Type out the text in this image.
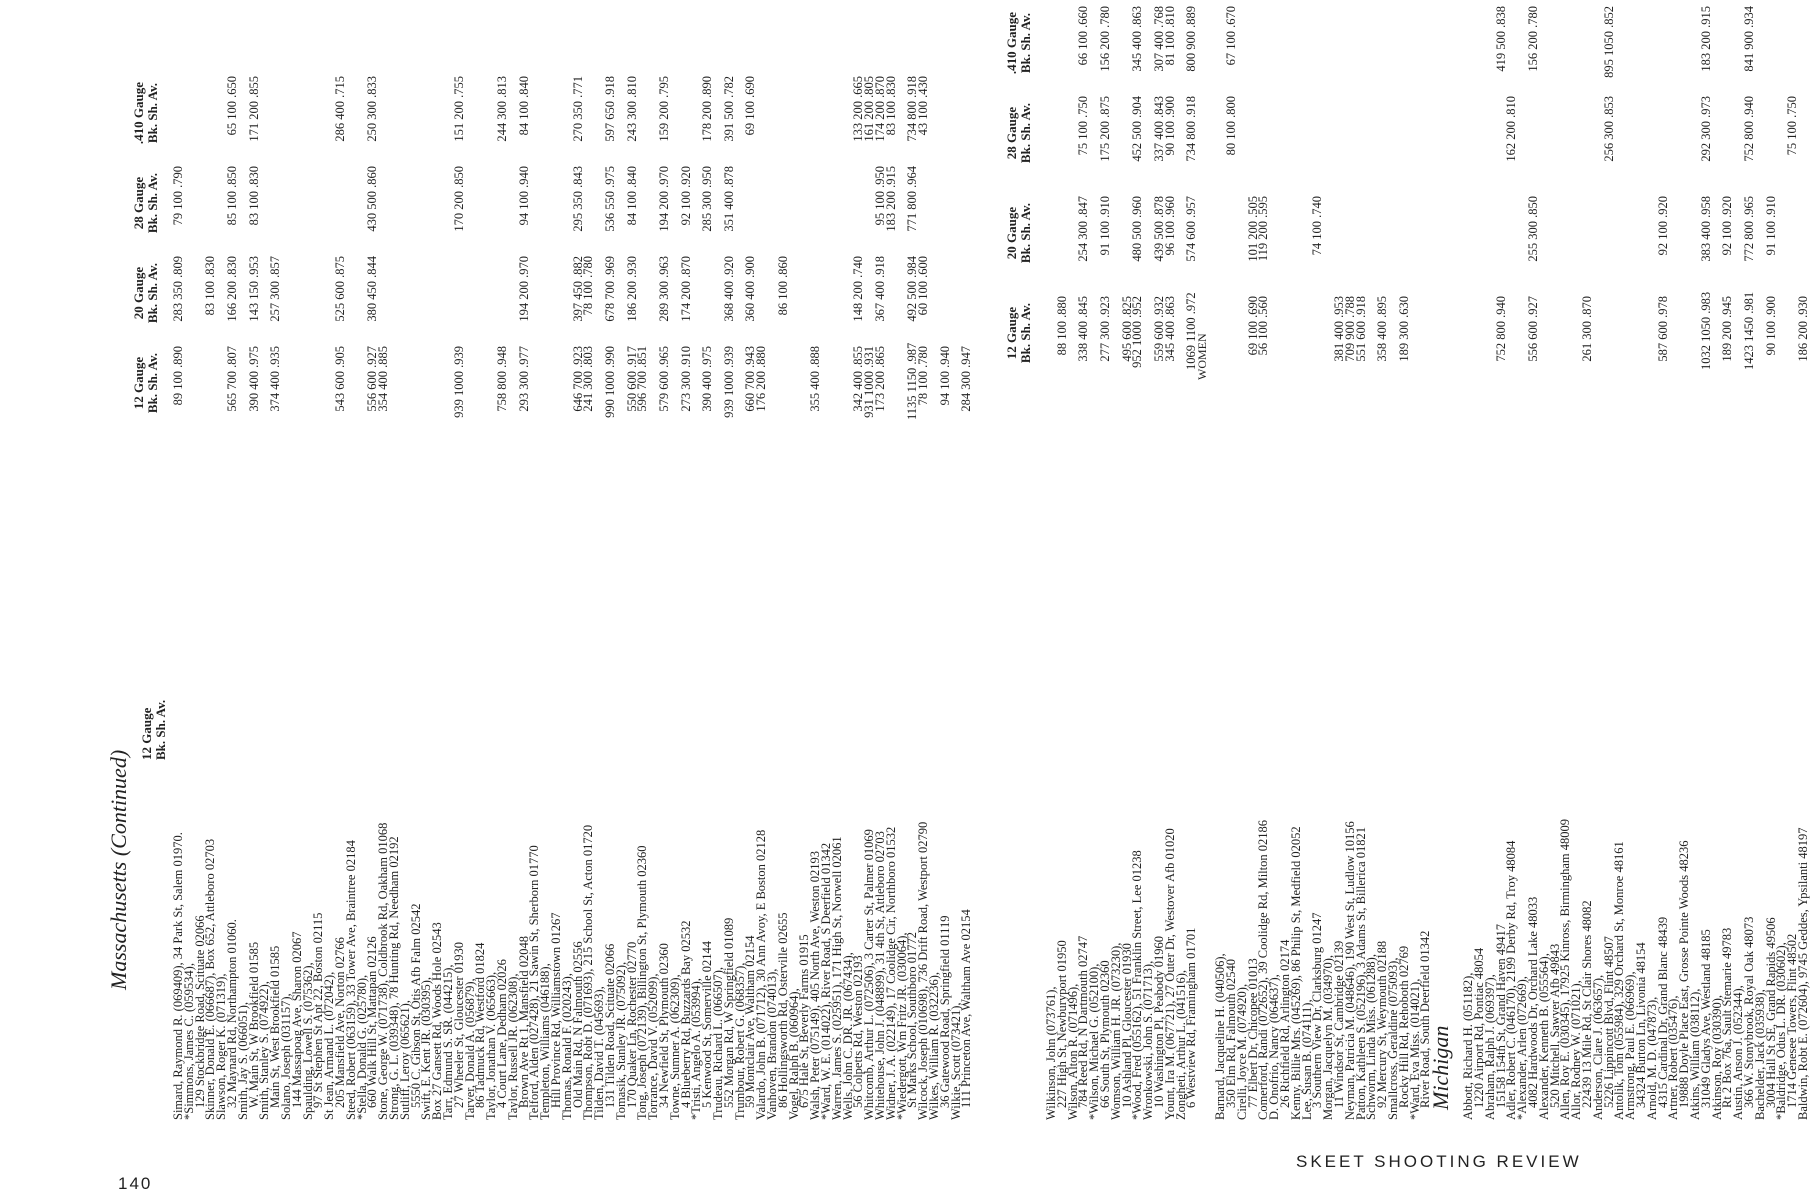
140
SKEET SHOOTING REVIEW
Massachusetts (Continued)
12 Gauge Bk. Sh. Av.
Simard, Raymond R. (069409), 34 Park St, Salem 01970.
89 100 .890
283 350 .809
79 100 .790
*Simmons, James C. (059534),
129 Stockbridge Road, Scituate 02066
Skinner, Donald E. (066687), Box 652, Attleboro 02703
83 100 .830
Slawson, Roger K. (071319),
32 Maynard Rd, Northampton 01060.
565 700 .807
166 200 .830
85 100 .850
65 100 .650
Smith, Jay S. (066051),
W. Main St, W Brookfield 01585
390 400 .975
143 150 .953
83 100 .830
171 200 .855
Smith, Stanley S. (074922),
Main St, West Brookfield 01585
374 400 .935
257 300 .857
Solano, Joseph (031157),
144 Massapoag Ave, Sharon 02067
Spaulding, Lowell S. (075362),
97 St Stephen St Apt 22, Boston 02115
St Jean, Armand L. (072042),
205 Mansfield Ave, Norton 02766
543 600 .905
525 600 .875
286 400 .715
Steed, Robert (063159), 33 Tower Ave, Braintree 02184
*Stella, Donald G. (025780),
660 Walk Hill St, Mattapan 02126
556 600 .927
380 450 .844
430 500 .860
250 300 .833
Stone, George W. (071738), Coldbrook Rd, Oakham 01068
354 400 .885
Strong, G. L. (039348), 78 Hunting Rd, Needham 02192
Sutliff, Leroy (065621),
5550 C. Gibson St, Otis Afb Falm 02542
Swift, E. Kent JR. (030395),
Box 27 Gansett Rd, Woods Hole 02543
Tarr, Edmund S. SR. (044215),
27 Wheeler St, Gloucester 01930
939 1000 .939
170 200 .850
151 200 .755
Tarver, Donald A. (056879),
86 Tadmuck Rd, Westford 01824
Taylor, Jonathan V. (065663),
4 Court Lane, Dedham 02026
758 800 .948
244 300 .813
Taylor, Russell JR. (062308),
Brown Ave Rt 1, Mansfield 02048
293 300 .977
194 200 .970
94 100 .940
84 100 .840
Telford, Alden (027428), 21 Sawin St, Sherborn 01770
Templeton, Williams (046188),
Hill Province Rd, Williamstown 01267
Thomas, Ronald F. (020243),
Old Main Rd, N Falmouth 02556
646 700 .923
397 450 .882
295 350 .843
270 350 .771
Thompson, Robt D. (071693), 215 School St, Acton 01720
241 300 .803
78 100 .780
Tilden, David T. (045693),
131 Tilden Road, Scituate 02066
990 1000 .990
678 700 .969
536 550 .975
597 650 .918
Tomasik, Stanley JR. (075092),
170 Quaker Ln, Rochester 02770
550 600 .917
186 200 .930
84 100 .840
243 300 .810
Tong, Joseph (072139), Billington St, Plymouth 02360
596 700 .851
Torrance, David V. (052099),
34 Newfield St, Plymouth 02360
579 600 .965
289 300 .963
194 200 .970
159 200 .795
Towne, Sumner A. (062309),
4 Blueberry Rd, Buzzards Bay 02532
273 300 .910
174 200 .870
92 100 .920
*Tristi, Angelo A. (053994),
5 Kenwood St, Somerville 02144
390 400 .975
285 300 .950
178 200 .890
Trudeau, Richard L. (066507),
552 Morgan Rd, W Springfield 01089
939 1000 .939
368 400 .920
351 400 .878
391 500 .782
Trumbour, Robert G. (068357),
59 Montclair Ave, Waltham 02154
660 700 .943
360 400 .900
69 100 .690
Valardo, John B. (071712), 30 Ann Avoy, E Boston 02128
176 200 .880
Vanhoven, Brandon (074013),
86 Hollingsworth Rd, Osterville 02655
86 100 .860
Vogel, Ralph B. (060964),
675 Hale St, Beverly Farms 01915
Walsh, Peter (075149), 405 North Ave, Weston 02193
355 400 .888
*Ward, W. E. (014022), River Road, S Deerfield 01342
Warren, James S. (025951), 171 High St, Norwell 02061
Wells, John C. DR. JR. (067434),
56 Colpetts Rd, Weston 02193
342 400 .855
148 200 .740
133 200 .665
Whitcomb, Arthur L. (072506), 3 Carter St, Palmer 01069
931 1000 .931
161 200 .805
Whitehouse, John J. (048899), 31 4th St, Attleboro 02703
173 200 .865
367 400 .918
95 100 .950
174 200 .870
Widner, J. A. (022149), 17 Coolidge Cir, Northboro 01532
183 200 .915
83 100 .830
*Wiedergott, Wm Fritz JR. (030064),
St Marks School, Southboro 01772
1135 1150 .987
492 500 .984
771 800 .964
734 800 .918
Wilcock, Joseph (010698), 736 Drift Road, Westport 02790
78 100 .780
60 100 .600
43 100 .430
Wilkes, William R. (032236),
36 Gatewood Road, Springfield 01119
94 100 .940
Wilkie, Scott (073421),
111 Princeton Ave, Waltham Ave 02154
284 300 .947
12 Gauge Bk. Sh. Av.
20 Gauge Bk. Sh. Av.
28 Gauge Bk. Sh. Av.
.410 Gauge Bk. Sh. Av.
Wilkinson, John (073761),
227 High St, Newburyport 01950
88 100 .880
Wilson, Alton R. (071496),
784 Reed Rd, N Dartmouth 02747
338 400 .845
254 300 .847
75 100 .750
66 100 .660
*Wilson, Michael G. (052100),
66 South St, Plymouth 02360
277 300 .923
91 100 .910
175 200 .875
156 200 .780
Womson, William H. JR. (073230),
10 Ashland Pl, Gloucester 01930
495 600 .825
*Wood, Fred (055162), 51 Franklin Street, Lee 01238
952 1000 .952
480 500 .960
452 500 .904
345 400 .863
Wronkowski, John S. (071713),
10 Washington Pl, Peabody 01960
559 600 .932
439 500 .878
337 400 .843
307 400 .768
Yount, Ira M. (067721), 27 Outer Dr, Westover Afb 01020
345 400 .863
96 100 .960
90 100 .900
81 100 .810
Zongheti, Arthur L. (041516),
6 Westview Rd, Framingham 01701
1069 1100 .972
574 600 .957
734 800 .918
800 900 .889
WOMEN
Barnard, Jacqueline H. (040506),
350 Elm Rd, Falmouth 02540
80 100 .800
67 100 .670
Cirelli, Joyce M. (074920),
77 Elbert Dr, Chicopee 01013
69 100 .690
101 200 .505
Comerford, Randi (072652), 39 Coolidge Rd, Milton 02186
56 100 .560
119 200 .595
D. Onofrio, Nancy (064637),
26 Richfield Rd, Arlington 02174
Kenny, Billie Mrs. (045269), 86 Philip St, Medfield 02052
Lee, Susan B. (074111),
3 Southern View Dr, Clarksburg 01247
74 100 .740
Morgan, Jacquelyn M. (034970),
11 Windsor St, Cambridge 02139
381 400 .953
Neyman, Patricia M. (048646), 190 West St, Ludlow 10156
709 900 .788
Patton, Kathleen S. (052196), 3 Adams St, Billerica 01821
551 600 .918
Schworm, Linda Miss. (061288),
92 Mercury St, Weymouth 02188
358 400 .895
Smallcross, Geraldine (075093),
Rocky Hill Rd, Rehoboth 02769
189 300 .630
*Ward, Eva Miss. (014021),
River Road, South Deerfield 01342
Michigan Abbott, Richard H. (051182),
1220 Airport Rd, Pontiac 48054
Abraham, Ralph J. (069397),
15158 154th St, Grand Haven 49417
752 800 .940
419 500 .838
Adler, Robert C. (046170), 2199 Derby Rd, Troy 48084
162 200 .810
*Alexander, Arlen (072669),
4082 Hardwoods Dr, Orchard Lake 48033
556 600 .927
255 300 .850
156 200 .780
Alexander, Kenneth B. (055564),
520 Mitchell, Sawyer Afb 49843
Allen, Roy E. (030345), 17925 Kinross, Birmingham 48009
Allor, Rodney W. (071021),
22439 13 Mile Rd, St Clair Shores 48082
261 300 .870
Anderson, Clare J. (063657),
5226 Lippincott Blvd, Flint 48507
256 300 .853
895 1050 .852
Antolik, Tom (055984), 329 Orchard St, Monroe 48161
Armstrong, Paul E. (066969),
34324 Burton Ln, Livonia 48154
Arnold, M. D. (047873),
4315 Cardinal Dr, Grand Blanc 48439
587 600 .978
92 100 .920
Artner, Robert (035476),
19888 Doyle Place East, Grosse Pointe Woods 48236
Atkins, William (038112),
31049 Gladys Ave, Westland 48185
1032 1050 .983
383 400 .958
292 300 .973
183 200 .915
Atkinson, Roy (030390),
Rt 2 Box 76a, Sault Stemarie 49783
189 200 .945
92 100 .920
Austin, Anson J. (052344),
366 W. Stonybrook, Royal Oak 48073
1423 1450 .981
772 800 .965
752 800 .940
841 900 .934
Bachelder, Jack (035938),
3004 Hall St SE, Grand Rapids 49506
90 100 .900
91 100 .910
*Baldridge, Odus L. DR. (030602),
1714 Genesee Towers, Flint 48502
75 100 .750
Baldwin, Robt E. (072604), 9745 Geddes, Ypsilanti 48197
186 200 .930
12 Gauge Bk. Sh. Av.
20 Gauge Bk. Sh. Av.
28 Gauge Bk. Sh. Av.
.410 Gauge Bk. Sh. Av.
